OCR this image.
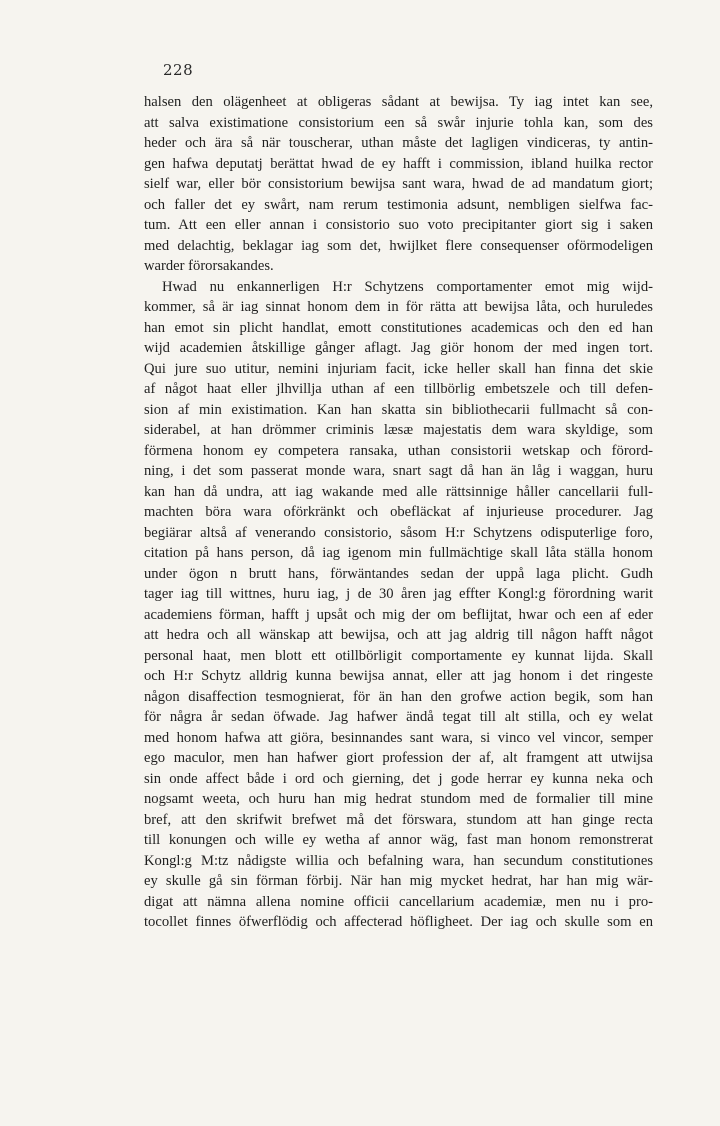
228
halsen den olägenheet at obligeras sådant at bewijsa. Ty iag intet kan see,
att salva existimatione consistorium een så swår injurie tohla kan, som des
heder och ära så när touscherar, uthan måste det lagligen vindiceras, ty antin-
gen hafwa deputatj berättat hwad de ey hafft i commission, ibland huilka rector
sielf war, eller bör consistorium bewijsa sant wara, hwad de ad mandatum giort;
och faller det ey swårt, nam rerum testimonia adsunt, nembligen sielfwa fac-
tum. Att een eller annan i consistorio suo voto precipitanter giort sig i saken
med delachtig, beklagar iag som det, hwijlket flere consequenser oförmodeligen
warder förorsakandes.
Hwad nu enkannerligen H:r Schytzens comportamenter emot mig wijd-
kommer, så är iag sinnat honom dem in för rätta att bewijsa låta, och huruledes
han emot sin plicht handlat, emott constitutiones academicas och den ed han
wijd academien åtskillige gånger aflagt. Jag giör honom der med ingen tort.
Qui jure suo utitur, nemini injuriam facit, icke heller skall han finna det skie
af något haat eller jlhvillja uthan af een tillbörlig embetszele och till defen-
sion af min existimation. Kan han skatta sin bibliothecarii fullmacht så con-
siderabel, at han drömmer criminis læsæ majestatis dem wara skyldige, som
förmena honom ey competera ransaka, uthan consistorii wetskap och förord-
ning, i det som passerat monde wara, snart sagt då han än låg i waggan, huru
kan han då undra, att iag wakande med alle rättsinnige håller cancellarii full-
machten böra wara oförkränkt och obefläckat af injurieuse procedurer. Jag
begiärar altså af venerando consistorio, såsom H:r Schytzens odisputerlige foro,
citation på hans person, då iag igenom min fullmächtige skall låta ställa honom
under ögon n brutt hans, förwäntandes sedan der uppå laga plicht. Gudh
tager iag till wittnes, huru iag, j de 30 åren jag effter Kongl:g förordning warit
academiens förman, hafft j upsåt och mig der om beflijtat, hwar och een af eder
att hedra och all wänskap att bewijsa, och att jag aldrig till någon hafft något
personal haat, men blott ett otillbörligit comportamente ey kunnat lijda. Skall
och H:r Schytz alldrig kunna bewijsa annat, eller att jag honom i det ringeste
någon disaffection tesmognierat, för än han den grofwe action begik, som han
för några år sedan öfwade. Jag hafwer ändå tegat till alt stilla, och ey welat
med honom hafwa att giöra, besinnandes sant wara, si vinco vel vincor, semper
ego maculor, men han hafwer giort profession der af, alt framgent att utwijsa
sin onde affect både i ord och gierning, det j gode herrar ey kunna neka och
nogsamt weeta, och huru han mig hedrat stundom med de formalier till mine
bref, att den skrifwit brefwet må det förswara, stundom att han ginge recta
till konungen och wille ey wetha af annor wäg, fast man honom remonstrerat
Kongl:g M:tz nådigste willia och befalning wara, han secundum constitutiones
ey skulle gå sin förman förbij. När han mig mycket hedrat, har han mig wär-
digat att nämna allena nomine officii cancellarium academiæ, men nu i pro-
tocollet finnes öfwerflödig och affecterad höfligheet. Der iag och skulle som en
